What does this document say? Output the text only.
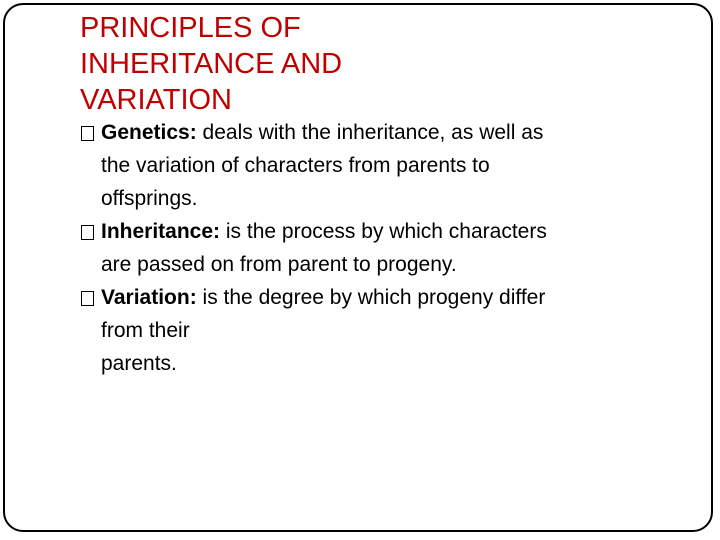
PRINCIPLES OF
INHERITANCE AND
VARIATION
Genetics: deals with the inheritance, as well as
the variation of characters from parents to
offsprings.
Inheritance: is the process by which characters
are passed on from parent to progeny.
Variation: is the degree by which progeny differ
from their
parents.
